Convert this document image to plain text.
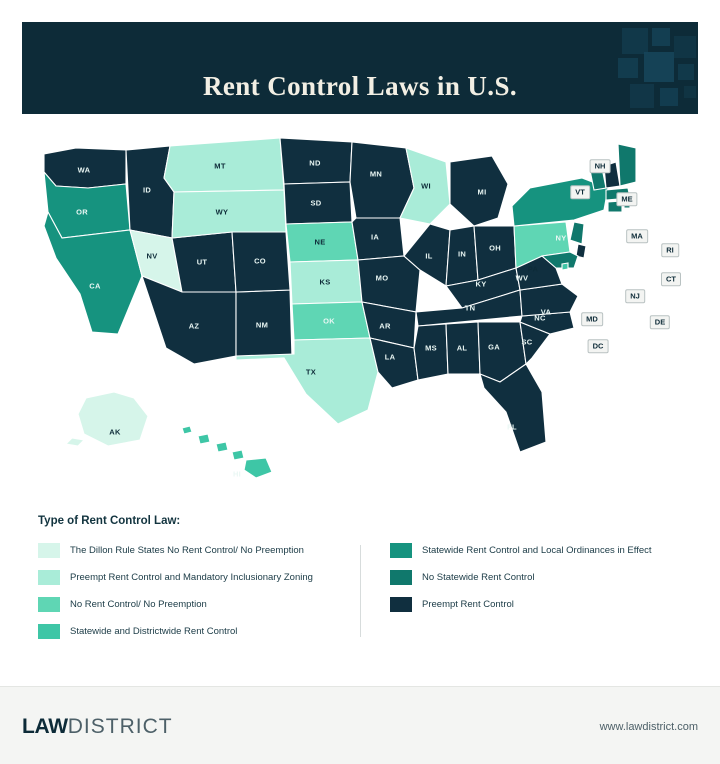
Rent Control Laws in U.S.
WA
OR
CA
ID
MT
WY
NV
UT
AZ
CO
NM
ND
SD
NE
KS
OK
TX
MN
IA
MO
AR
LA
WI
IL
MI
IN
OH
KY
TN
MS	AL	GA
FL
SC
NC
VA
WV
PA
NY
AK
HI
NH
VT
ME
MA
RI
CT
NJ
MD	DE
DC
Type of Rent Control Law:
The Dillon Rule States No Rent Control/ No Preemption
Preempt Rent Control and Mandatory Inclusionary Zoning
No Rent Control/ No Preemption
Statewide and Districtwide Rent Control
Statewide Rent Control and Local Ordinances in Effect
No Statewide Rent Control
Preempt Rent Control
LAWDISTRICT	www.lawdistrict.com
